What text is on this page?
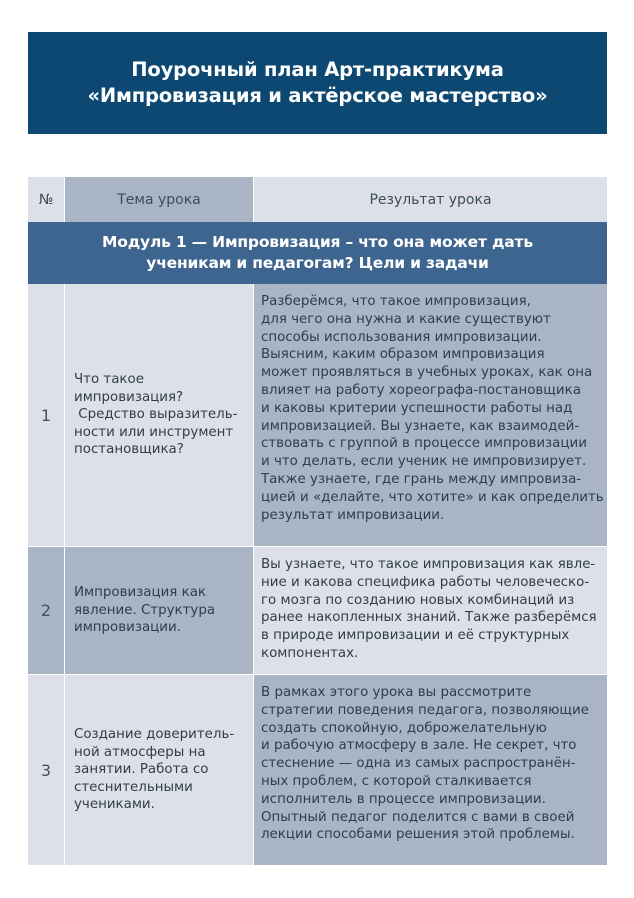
Поурочный план Арт-практикума
«Импровизация и актёрское мастерство»
№	Тема урока	Результат урока
Модуль 1 — Импровизация – что она может дать
ученикам и педагогам? Цели и задачи
1
Что такое
импровизация?
Средство выразитель-
ности или инструмент
постановщика?
Разберёмся, что такое импровизация,
для чего она нужна и какие существуют
способы использования импровизации.
Выясним, каким образом импровизация
может проявляться в учебных уроках, как она
влияет на работу хореографа-постановщика
и каковы критерии успешности работы над
импровизацией. Вы узнаете, как взаимодей-
ствовать с группой в процессе импровизации
и что делать, если ученик не импровизирует.
Также узнаете, где грань между импровиза-
цией и «делайте, что хотите» и как определить
результат импровизации.
2
Импровизация как
явление. Структура
импровизации.
Вы узнаете, что такое импровизация как явле-
ние и какова специфика работы человеческо-
го мозга по созданию новых комбинаций из
ранее накопленных знаний. Также разберёмся
в природе импровизации и её структурных
компонентах.
3
Создание доверитель-
ной атмосферы на
занятии. Работа со
стеснительными
учениками.
В рамках этого урока вы рассмотрите
стратегии поведения педагога, позволяющие
создать спокойную, доброжелательную
и рабочую атмосферу в зале. Не секрет, что
стеснение — одна из самых распространён-
ных проблем, с которой сталкивается
исполнитель в процессе импровизации.
Опытный педагог поделится с вами в своей
лекции способами решения этой проблемы.
